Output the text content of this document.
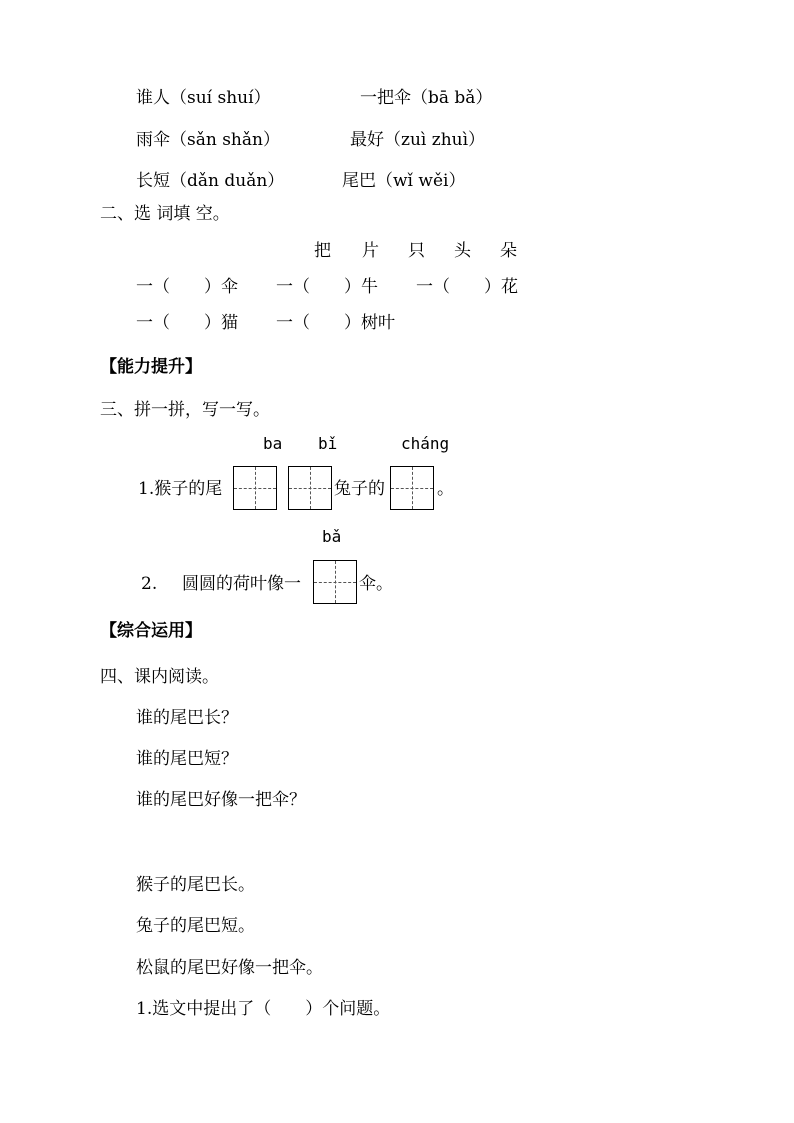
谁人（suí shuí）	一把伞（bā bǎ）
雨伞（sǎn shǎn）	最好（zuì zhuì）
长短（dǎn duǎn）	尾巴（wǐ wěi）
二、选 词填 空。
把 片 只 头 朵
一（　　）伞 一（　　）牛 一（　　）花
一（　　）猫 一（　　）树叶
【能力提升】
三、拼一拼，写一写。
ba bǐ	cháng
1.猴子的尾	兔子的	。
bǎ
2. 圆圆的荷叶像一	伞。
【综合运用】
四、课内阅读。
谁的尾巴长？
谁的尾巴短？
谁的尾巴好像一把伞？
猴子的尾巴长。
兔子的尾巴短。
松鼠的尾巴好像一把伞。
1.选文中提出了（　　）个问题。
